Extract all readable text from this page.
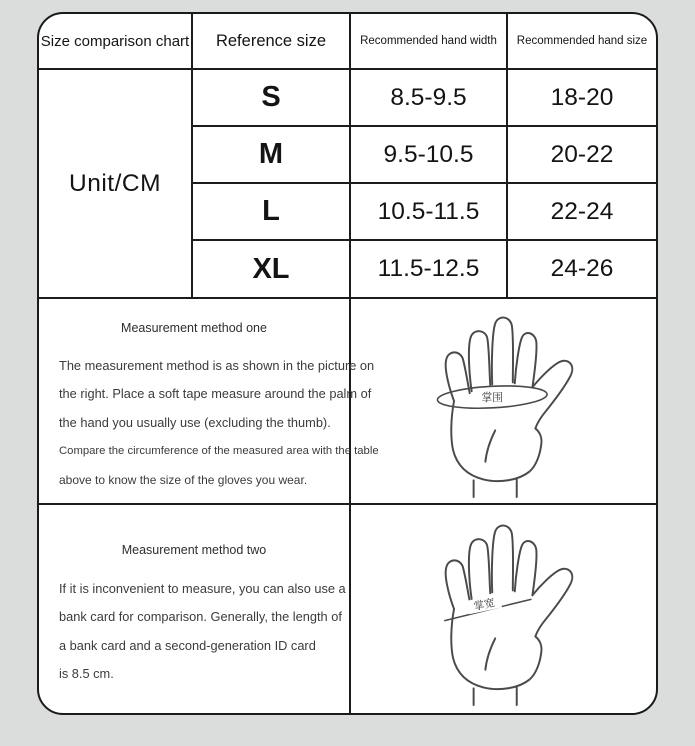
Size comparison chart	Reference size	Recommended hand width	Recommended hand size
Unit/CM
S	8.5-9.5	18-20
M	9.5-10.5	20-22
L	10.5-11.5	22-24
XL	11.5-12.5	24-26
Measurement method one
The measurement method is as shown in the picture on
the right. Place a soft tape measure around the palm of
the hand you usually use (excluding the thumb).
Compare the circumference of the measured area with the table
above to know the size of the gloves you wear.
掌围
Measurement method two
If it is inconvenient to measure, you can also use a
bank card for comparison. Generally, the length of
a bank card and a second-generation ID card
is 8.5 cm.
掌宽
